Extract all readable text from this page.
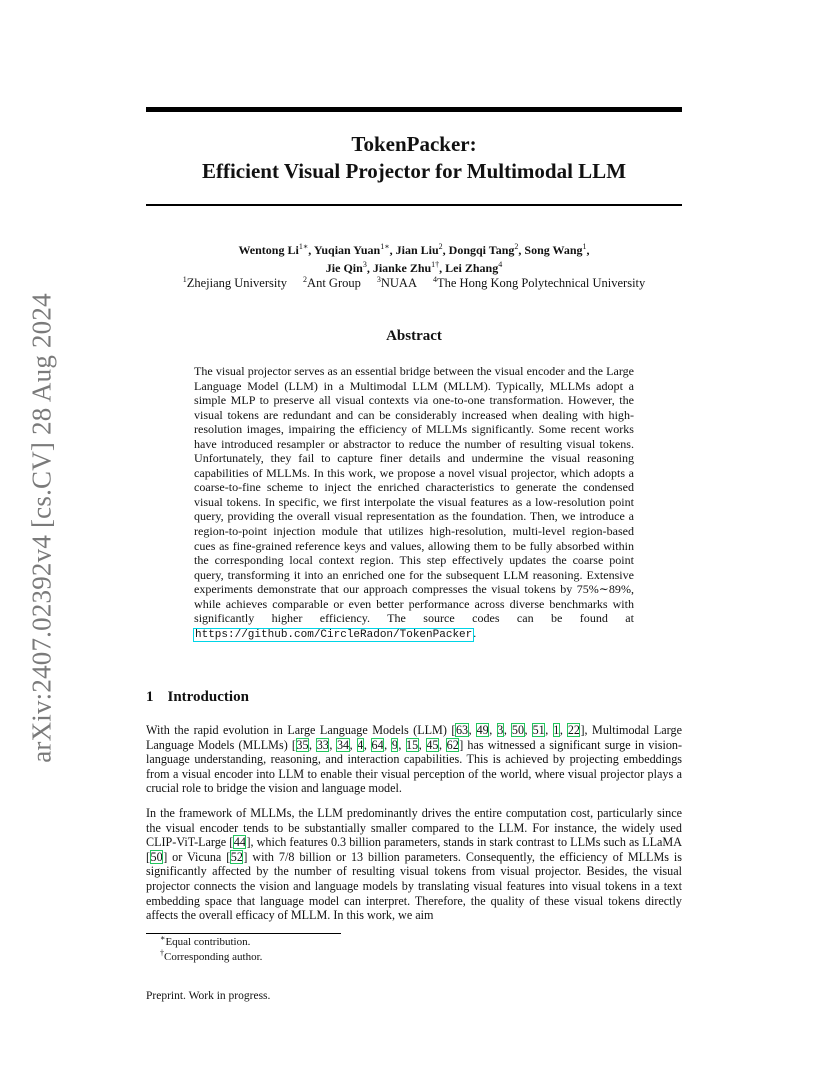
arXiv:2407.02392v4 [cs.CV] 28 Aug 2024
TokenPacker:
Efficient Visual Projector for Multimodal LLM
Wentong $Li^{1∗}$, Yuqian Yuan$^{1∗}$, Jian Liu$^2$, Dongqi Tang$^2$, Song Wang$^1$,
Jie Qin$^3$, Jianke Zhu$^{1\dagger}$, Lei Zhang$^4$
$^1$Zhejiang University $^2$Ant Group $^3$NUAA $^4$The Hong Kong Polytechnical University
Abstract

The visual projector serves as an essential bridge between the visual encoder and the Large Language Model (LLM) in a Multimodal LLM (MLLM). Typically, MLLMs adopt a simple MLP to preserve all visual contexts via one-to-one transformation. However, the visual tokens are redundant and can be considerably increased when dealing with high-resolution images, impairing the efficiency of MLLMs significantly. Some recent works have introduced resampler or abstractor to reduce the number of resulting visual tokens. Unfortunately, they fail to capture finer details and undermine the visual reasoning capabilities of MLLMs. In this work, we propose a novel visual projector, which adopts a coarse-to-fine scheme to inject the enriched characteristics to generate the condensed visual tokens. In specific, we first interpolate the visual features as a low-resolution point query, providing the overall visual representation as the foundation. Then, we introduce a region-to-point injection module that utilizes high-resolution, multi-level region-based cues as fine-grained reference keys and values, allowing them to be fully absorbed within the corresponding local context region. This step effectively updates the coarse point query, transforming it into an enriched one for the subsequent LLM reasoning. Extensive experiments demonstrate that our approach compresses the visual tokens by 75%∼89%, while achieves comparable or even better performance across diverse benchmarks with significantly higher efficiency. The source codes can be found at https://github.com/CircleRadon/TokenPacker.

1 Introduction

With the rapid evolution in Large Language Models (LLM) [63, 49, 3, 50, 51, 1, 22], Multimodal Large Language Models (MLLMs) [35, 33, 34, 4, 64, 9, 15, 45, 62] has witnessed a significant surge in vision-language understanding, reasoning, and interaction capabilities. This is achieved by projecting embeddings from a visual encoder into LLM to enable their visual perception of the world, where visual projector plays a crucial role to bridge the vision and language model.

In the framework of MLLMs, the LLM predominantly drives the entire computation cost, particularly since the visual encoder tends to be substantially smaller compared to the LLM. For instance, the widely used CLIP-ViT-Large [44], which features 0.3 billion parameters, stands in stark contrast to LLMs such as LLaMA [50] or Vicuna [52] with 7/8 billion or 13 billion parameters. Consequently, the efficiency of MLLMs is significantly affected by the number of resulting visual tokens from visual projector. Besides, the visual projector connects the vision and language models by translating visual features into visual tokens in a text embedding space that language model can interpret. Therefore, the quality of these visual tokens directly affects the overall efficacy of MLLM. In this work, we aim

∗Equal contribution.
†Corresponding author.
Preprint. Work in progress.
